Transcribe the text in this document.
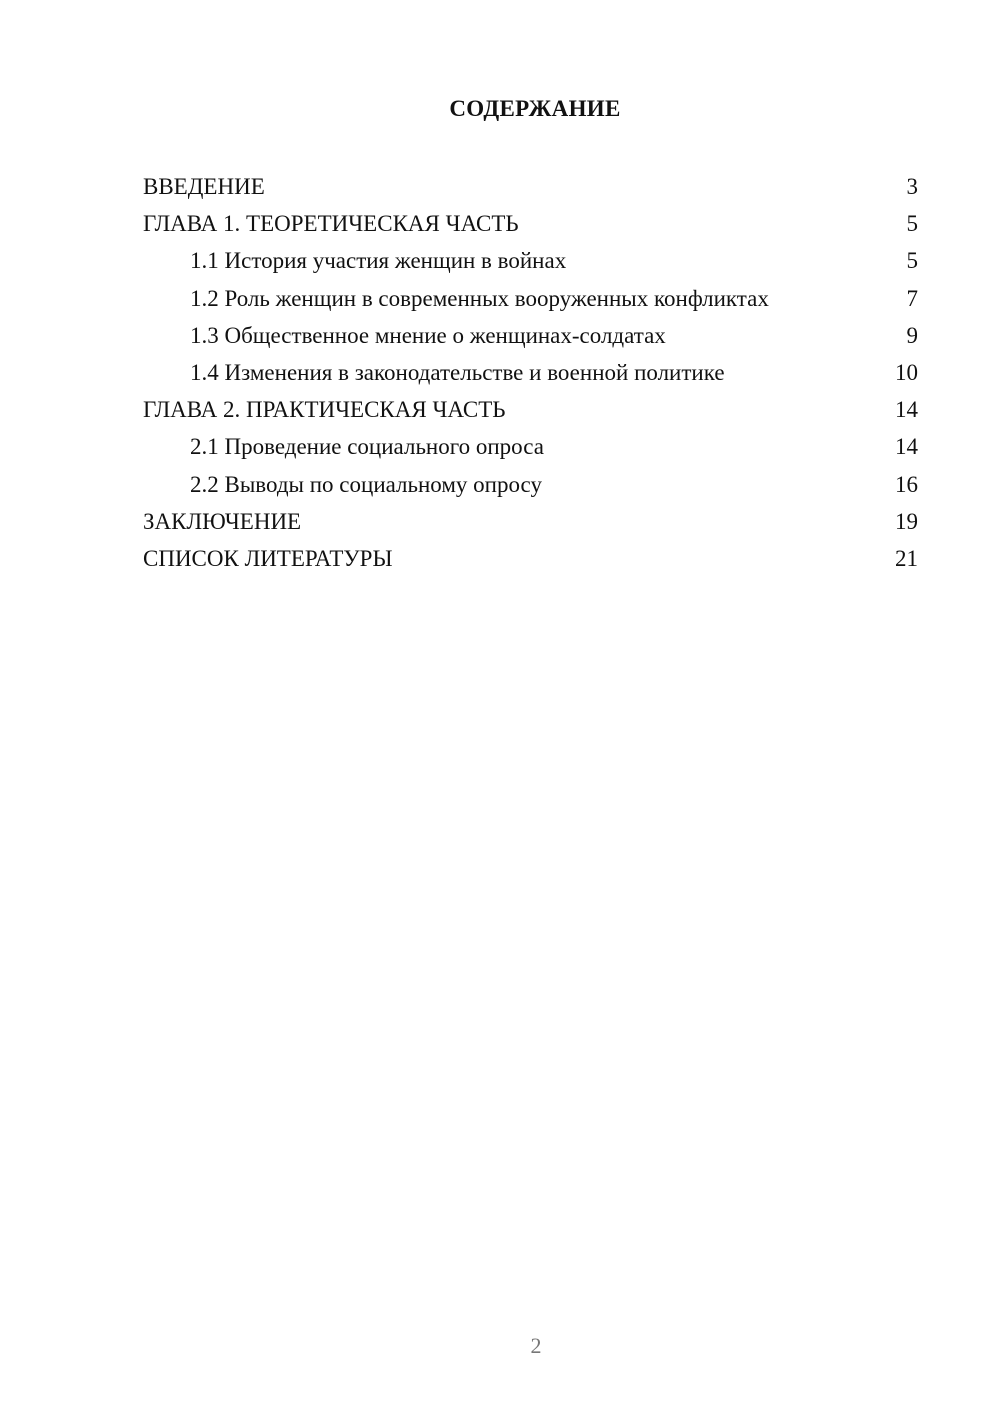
СОДЕРЖАНИЕ
ВВЕДЕНИЕ	3
ГЛАВА 1. ТЕОРЕТИЧЕСКАЯ ЧАСТЬ	5
1.1 История участия женщин в войнах	5
1.2 Роль женщин в современных вооруженных конфликтах	7
1.3 Общественное мнение о женщинах-солдатах	9
1.4 Изменения в законодательстве и военной политике	10
ГЛАВА 2. ПРАКТИЧЕСКАЯ ЧАСТЬ	14
2.1 Проведение социального опроса	14
2.2 Выводы по социальному опросу	16
ЗАКЛЮЧЕНИЕ	19
СПИСОК ЛИТЕРАТУРЫ	21
2
